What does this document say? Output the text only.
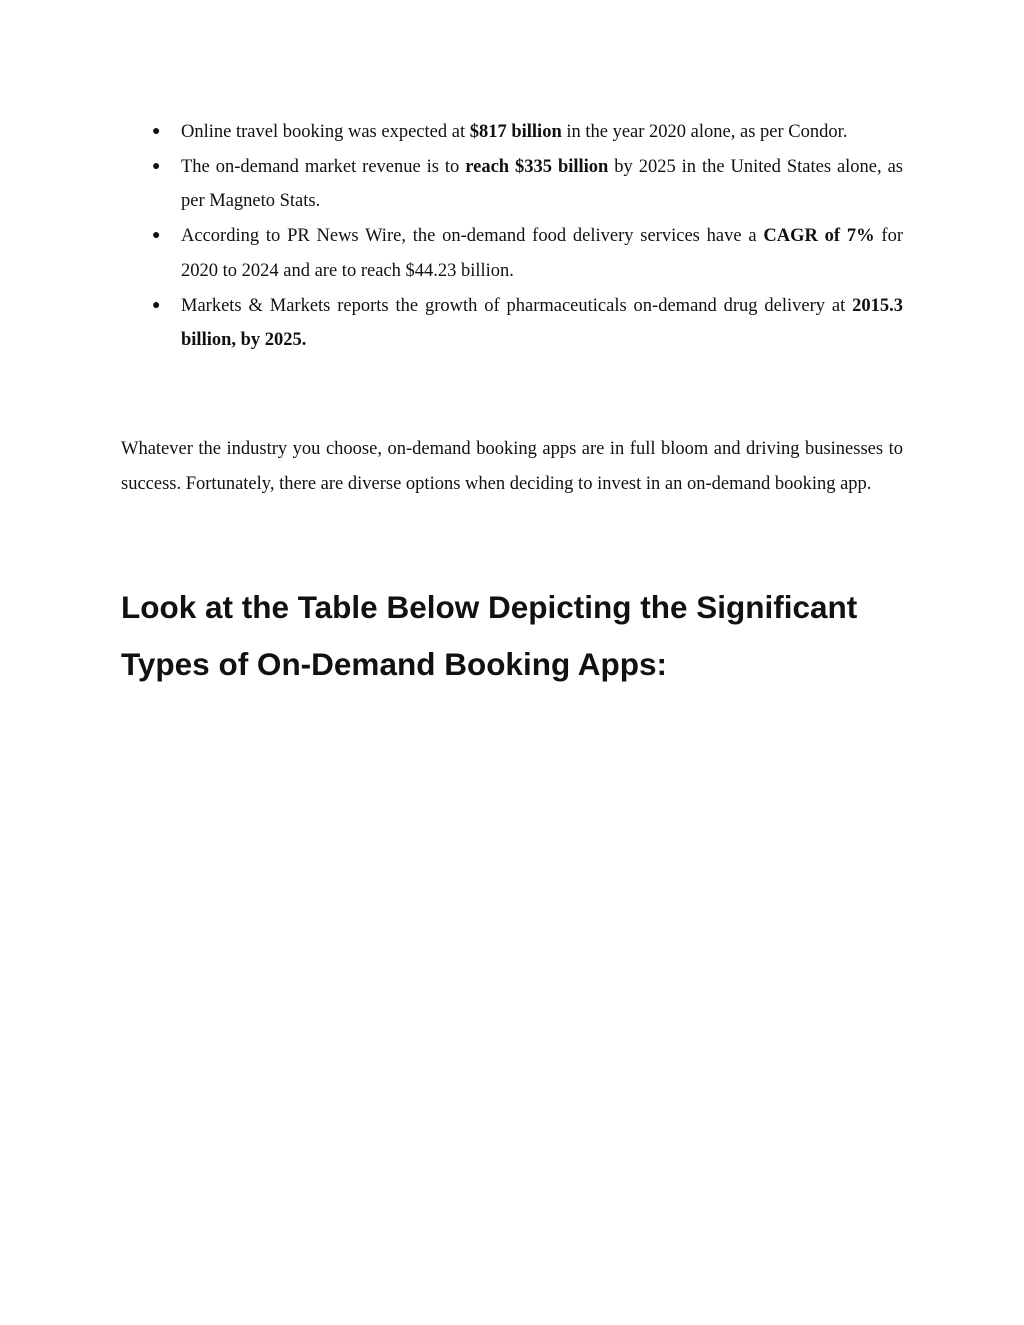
● Online travel booking was expected at $817 billion in the year 2020 alone, as per Condor.
● The on-demand market revenue is to reach $335 billion by 2025 in the United States alone, as per Magneto Stats.
● According to PR News Wire, the on-demand food delivery services have a CAGR of 7% for 2020 to 2024 and are to reach $44.23 billion.
● Markets & Markets reports the growth of pharmaceuticals on-demand drug delivery at 2015.3 billion, by 2025.

Whatever the industry you choose, on-demand booking apps are in full bloom and driving businesses to success. Fortunately, there are diverse options when deciding to invest in an on-demand booking app.

Look at the Table Below Depicting the Significant Types of On-Demand Booking Apps:
